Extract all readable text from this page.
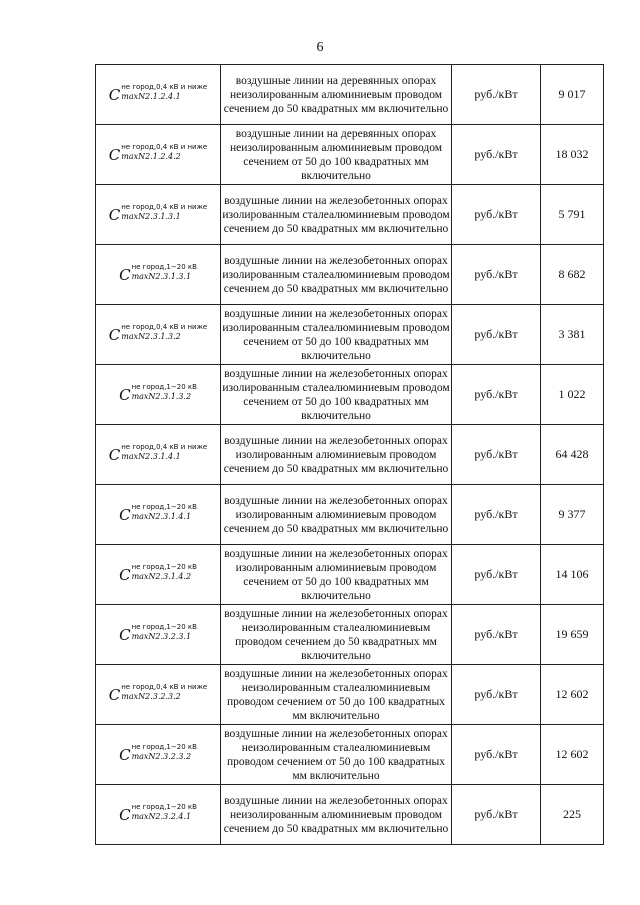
6
C не город,0,4 кВ и ниже
maxN2.1.2.4.1	воздушные линии на деревянных опорах неизолированным алюминиевым проводом сечением до 50 квадратных мм включительно	руб./кВт	9 017

C не город,0,4 кВ и ниже
maxN2.1.2.4.2	воздушные линии на деревянных опорах неизолированным алюминиевым проводом сечением от 50 до 100 квадратных мм включительно	руб./кВт	18 032

C не город,0,4 кВ и ниже
maxN2.3.1.3.1	воздушные линии на железобетонных опорах изолированным сталеалюминиевым проводом сечением до 50 квадратных мм включительно	руб./кВт	5 791

C не город,1−20 кВ
maxN2.3.1.3.1	воздушные линии на железобетонных опорах изолированным сталеалюминиевым проводом сечением до 50 квадратных мм включительно	руб./кВт	8 682

C не город,0,4 кВ и ниже
maxN2.3.1.3.2	воздушные линии на железобетонных опорах изолированным сталеалюминиевым проводом сечением от 50 до 100 квадратных мм включительно	руб./кВт	3 381

C не город,1−20 кВ
maxN2.3.1.3.2	воздушные линии на железобетонных опорах изолированным сталеалюминиевым проводом сечением от 50 до 100 квадратных мм включительно	руб./кВт	1 022

C не город,0,4 кВ и ниже
maxN2.3.1.4.1	воздушные линии на железобетонных опорах изолированным алюминиевым проводом сечением до 50 квадратных мм включительно	руб./кВт	64 428

C не город,1−20 кВ
maxN2.3.1.4.1	воздушные линии на железобетонных опорах изолированным алюминиевым проводом сечением до 50 квадратных мм включительно	руб./кВт	9 377

C не город,1−20 кВ
maxN2.3.1.4.2	воздушные линии на железобетонных опорах изолированным алюминиевым проводом сечением от 50 до 100 квадратных мм включительно	руб./кВт	14 106

C не город,1−20 кВ
maxN2.3.2.3.1	воздушные линии на железобетонных опорах неизолированным сталеалюминиевым проводом сечением до 50 квадратных мм включительно	руб./кВт	19 659

C не город,0,4 кВ и ниже
maxN2.3.2.3.2	воздушные линии на железобетонных опорах неизолированным сталеалюминиевым проводом сечением от 50 до 100 квадратных мм включительно	руб./кВт	12 602

C не город,1−20 кВ
maxN2.3.2.3.2	воздушные линии на железобетонных опорах неизолированным сталеалюминиевым проводом сечением от 50 до 100 квадратных мм включительно	руб./кВт	12 602

C не город,1−20 кВ
maxN2.3.2.4.1	воздушные линии на железобетонных опорах неизолированным алюминиевым проводом сечением до 50 квадратных мм включительно	руб./кВт	225
